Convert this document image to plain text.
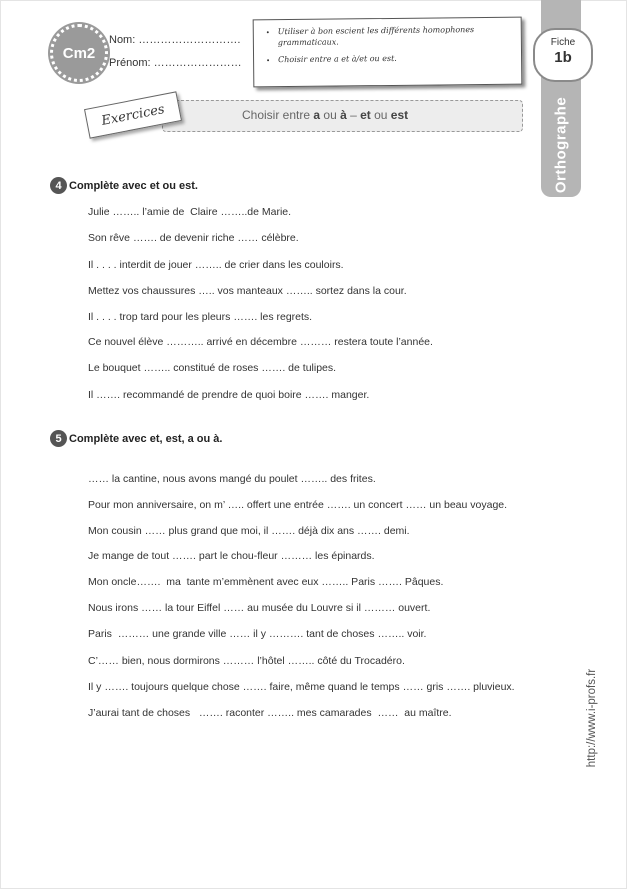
Cm2
Nom: ……………………….
Prénom: ……………………
• Utiliser à bon escient les différents homophones grammaticaux.
• Choisir entre a et à/et ou est.
Fiche
1b
Orthographe
Choisir entre a ou à – et ou est
Exercices
4 Complète avec et ou est.
Julie …….. l’amie de  Claire ……..de Marie.
Son rêve ……. de devenir riche …… célèbre.
Il . . . . interdit de jouer …….. de crier dans les couloirs.
Mettez vos chaussures ….. vos manteaux …….. sortez dans la cour.
Il . . . . trop tard pour les pleurs ……. les regrets.
Ce nouvel élève ……….. arrivé en décembre ……… restera toute l’année.
Le bouquet …….. constitué de roses ……. de tulipes.
Il ……. recommandé de prendre de quoi boire ……. manger.
5 Complète avec et, est, a ou à.
…… la cantine, nous avons mangé du poulet …….. des frites.
Pour mon anniversaire, on m’ ….. offert une entrée ……. un concert …… un beau voyage.
Mon cousin …… plus grand que moi, il ……. déjà dix ans ……. demi.
Je mange de tout ……. part le chou-fleur ……… les épinards.
Mon oncle…….  ma  tante m’emmènent avec eux …….. Paris ……. Pâques.
Nous irons …… la tour Eiffel …… au musée du Louvre si il ……… ouvert.
Paris  ……… une grande ville …… il y ………. tant de choses …….. voir.
C’…… bien, nous dormirons ……… l’hôtel …….. côté du Trocadéro.
Il y ……. toujours quelque chose ……. faire, même quand le temps …… gris ……. pluvieux.
J’aurai tant de choses   ……. raconter …….. mes camarades  ……  au maître.	http://www.i-profs.fr
